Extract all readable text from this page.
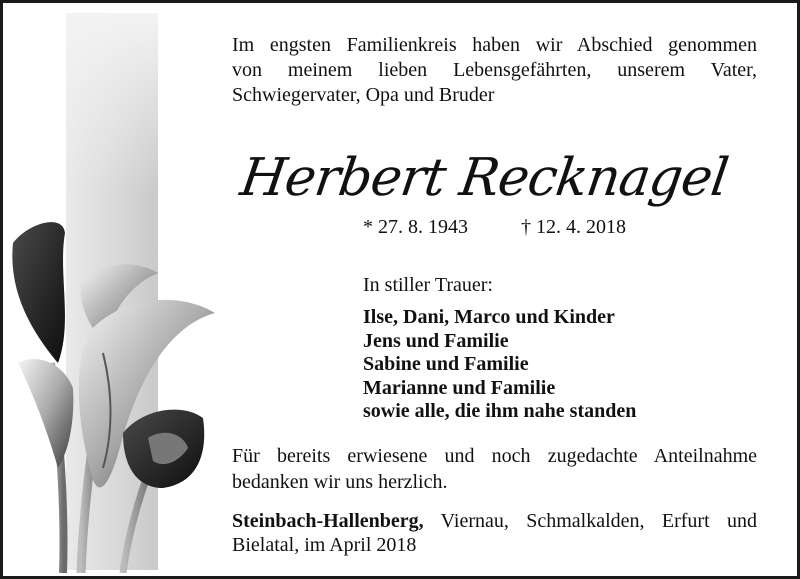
Im engsten Familienkreis haben wir Abschied genommen
von meinem lieben Lebensgefährten, unserem Vater,
Schwiegervater, Opa und Bruder
Herbert Recknagel
* 27. 8. 1943	† 12. 4. 2018
In stiller Trauer:
Ilse, Dani, Marco und Kinder
Jens und Familie
Sabine und Familie
Marianne und Familie
sowie alle, die ihm nahe standen
Für bereits erwiesene und noch zugedachte Anteilnahme
bedanken wir uns herzlich.
Steinbach-Hallenberg, Viernau, Schmalkalden, Erfurt und
Bielatal, im April 2018
